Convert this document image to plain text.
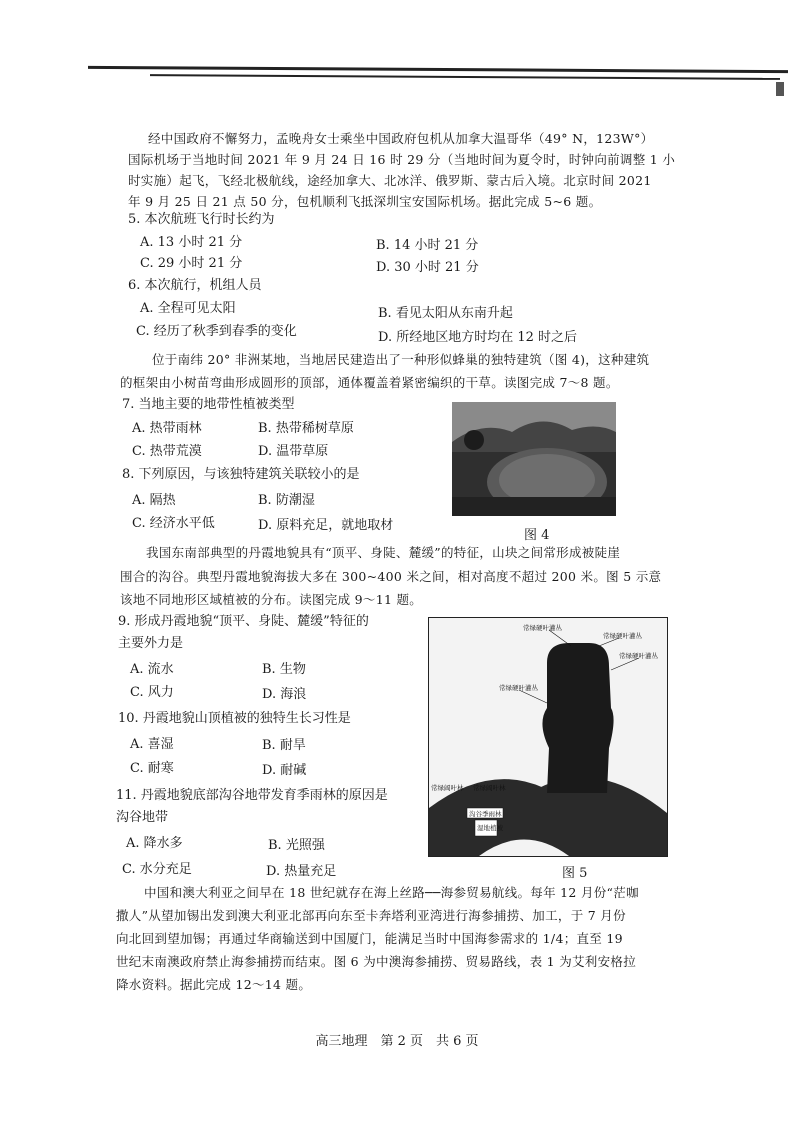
经中国政府不懈努力，孟晚舟女士乘坐中国政府包机从加拿大温哥华（49° N，123W°）
国际机场于当地时间 2021 年 9 月 24 日 16 时 29 分（当地时间为夏令时，时钟向前调整 1 小
时实施）起飞，飞经北极航线，途经加拿大、北冰洋、俄罗斯、蒙古后入境。北京时间 2021
年 9 月 25 日 21 点 50 分，包机顺利飞抵深圳宝安国际机场。据此完成 5~6 题。
5. 本次航班飞行时长约为
A. 13 小时 21 分	B. 14 小时 21 分
C. 29 小时 21 分	D. 30 小时 21 分
6. 本次航行，机组人员
A. 全程可见太阳	B. 看见太阳从东南升起
C. 经历了秋季到春季的变化	D. 所经地区地方时均在 12 时之后
位于南纬 20° 非洲某地，当地居民建造出了一种形似蜂巢的独特建筑（图 4)，这种建筑
的框架由小树苗弯曲形成圆形的顶部，通体覆盖着紧密编织的干草。读图完成 7～8 题。
7. 当地主要的地带性植被类型
A. 热带雨林	B. 热带稀树草原
C. 热带荒漠	D. 温带草原
8. 下列原因，与该独特建筑关联较小的是
A. 隔热	B. 防潮湿
C. 经济水平低	D. 原料充足，就地取材
图 4
我国东南部典型的丹霞地貌具有“顶平、身陡、麓缓”的特征，山块之间常形成被陡崖
围合的沟谷。典型丹霞地貌海拔大多在 300~400 米之间，相对高度不超过 200 米。图 5 示意
该地不同地形区域植被的分布。读图完成 9～11 题。
9. 形成丹霞地貌“顶平、身陡、麓缓”特征的
主要外力是
A. 流水	B. 生物
C. 风力	D. 海浪
10. 丹霞地貌山顶植被的独特生长习性是
A. 喜湿	B. 耐旱
C. 耐寒	D. 耐碱
11. 丹霞地貌底部沟谷地带发育季雨林的原因是
沟谷地带
A. 降水多	B. 光照强
C. 水分充足	D. 热量充足
常绿硬叶灌丛
常绿硬叶灌丛
常绿硬叶灌丛
常绿硬叶灌丛
常绿阔叶林 常绿阔叶林
沟谷季雨林
湿地植被
图 5
中国和澳大利亚之间早在 18 世纪就存在海上丝路──海参贸易航线。每年 12 月份“茫咖
撒人”从望加锡出发到澳大利亚北部再向东至卡奔塔利亚湾进行海参捕捞、加工，于 7 月份
向北回到望加锡；再通过华商输送到中国厦门，能满足当时中国海参需求的 1/4；直至 19
世纪末南澳政府禁止海参捕捞而结束。图 6 为中澳海参捕捞、贸易路线，表 1 为艾利安格拉
降水资料。据此完成 12～14 题。
高三地理　第 2 页　共 6 页
